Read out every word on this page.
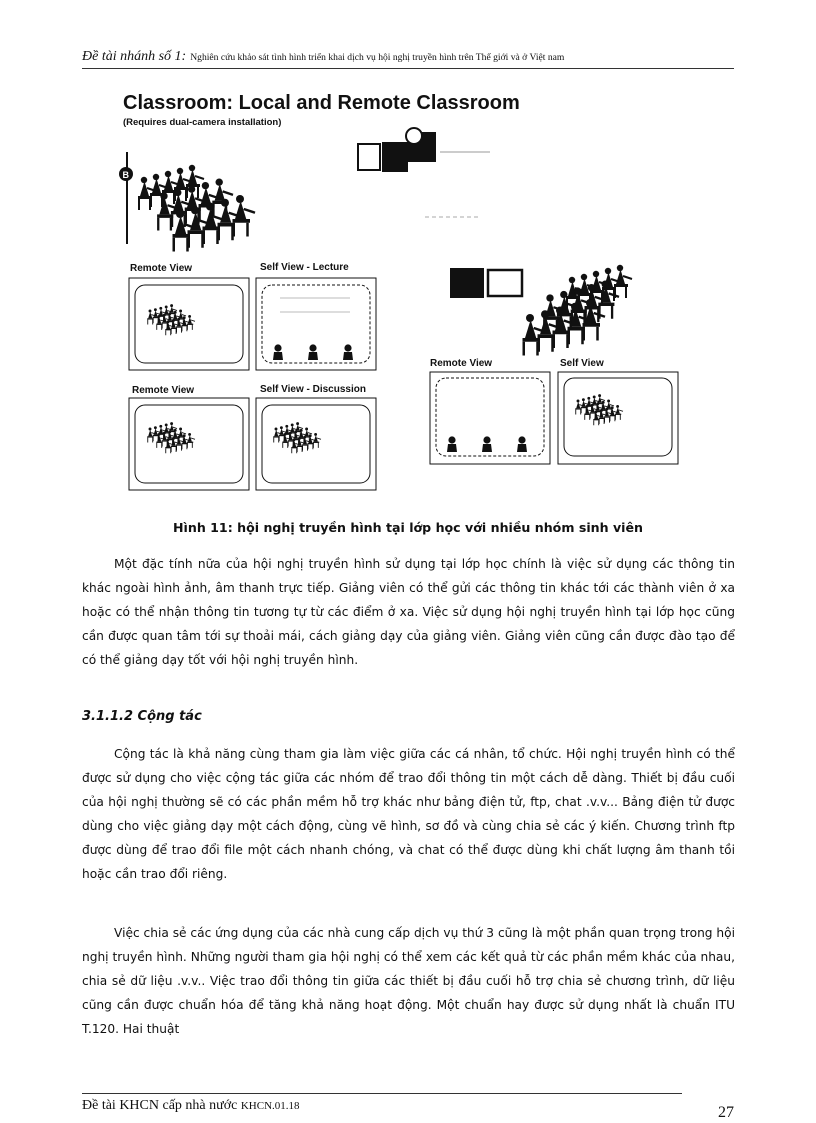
Đề tài nhánh số 1: Nghiên cứu khảo sát tình hình triển khai dịch vụ hội nghị truyền hình trên Thế giới và ở Việt nam
B
Classroom: Local and Remote Classroom
(Requires dual-camera installation)
Remote View	Self View - Lecture
Remote View	Self View - Discussion
Remote View	Self View
Hình 11: hội nghị truyền hình tại lớp học với nhiều nhóm sinh viên

Một đặc tính nữa của hội nghị truyền hình sử dụng tại lớp học chính là việc sử dụng các thông tin khác ngoài hình ảnh, âm thanh trực tiếp. Giảng viên có thể gửi các thông tin khác tới các thành viên ở xa hoặc có thể nhận thông tin tương tự từ các điểm ở xa. Việc sử dụng hội nghị truyền hình tại lớp học cũng cần được quan tâm tới sự thoải mái, cách giảng dạy của giảng viên. Giảng viên cũng cần được đào tạo để có thể giảng dạy tốt với hội nghị truyền hình.

3.1.1.2 Cộng tác

Cộng tác là khả năng cùng tham gia làm việc giữa các cá nhân, tổ chức. Hội nghị truyền hình có thể được sử dụng cho việc cộng tác giữa các nhóm để trao đổi thông tin một cách dễ dàng. Thiết bị đầu cuối của hội nghị thường sẽ có các phần mềm hỗ trợ khác như bảng điện tử, ftp, chat .v.v... Bảng điện tử được dùng cho việc giảng dạy một cách động, cùng vẽ hình, sơ đồ và cùng chia sẻ các ý kiến. Chương trình ftp được dùng để trao đổi file một cách nhanh chóng, và chat có thể được dùng khi chất lượng âm thanh tồi hoặc cần trao đổi riêng.

Việc chia sẻ các ứng dụng của các nhà cung cấp dịch vụ thứ 3 cũng là một phần quan trọng trong hội nghị truyền hình. Những người tham gia hội nghị có thể xem các kết quả từ các phần mềm khác của nhau, chia sẻ dữ liệu .v.v.. Việc trao đổi thông tin giữa các thiết bị đầu cuối hỗ trợ chia sẻ chương trình, dữ liệu cũng cần được chuẩn hóa để tăng khả năng hoạt động. Một chuẩn hay được sử dụng nhất là chuẩn ITU T.120. Hai thuật

Đề tài KHCN cấp nhà nước KHCN.01.18	27
